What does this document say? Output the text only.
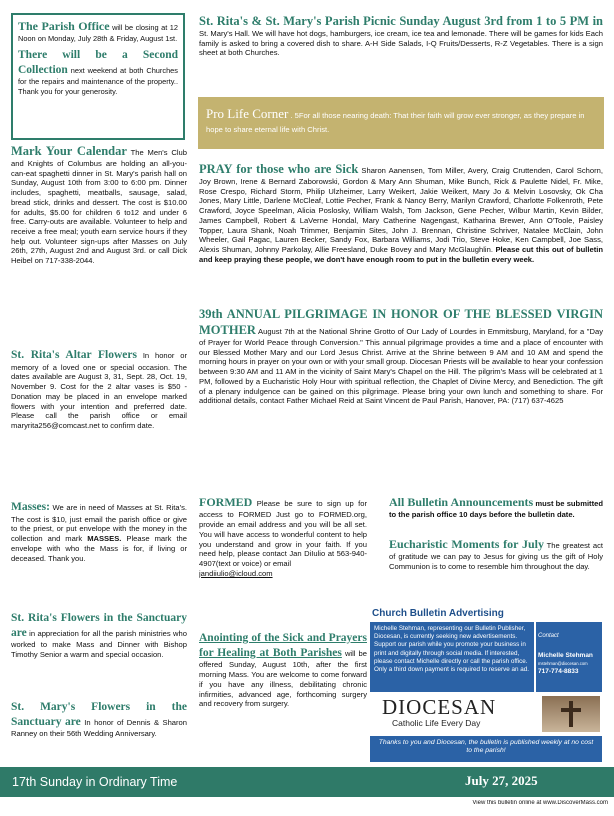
The Parish Office will be closing at 12 Noon on Monday, July 28th & Friday, August 1st.

There will be a Second Collection next weekend at both Churches for the repairs and maintenance of the property.. Thank you for your generosity.

Mark Your Calendar The Men's Club and Knights of Columbus are holding an all-you-can-eat spaghetti dinner in St. Mary's parish hall on Sunday, August 10th from 3:00 to 6:00 pm. Dinner includes, spaghetti, meatballs, sausage, salad, bread stick, drinks and dessert. The cost is $10.00 for adults, $5.00 for children 6 to12 and under 6 free. Carry-outs are available. Volunteer to help and receive a free meal; youth earn service hours if they help out. Volunteer sign-ups after Masses on July 26th, 27th, August 2nd and August 3rd. or call Dick Heibel on 717-338-2044.

St. Rita's Altar Flowers In honor or memory of a loved one or special occasion. The dates available are August 3, 31, Sept. 28, Oct. 19, November 9. Cost for the 2 altar vases is $50 - Donation may be placed in an envelope marked flowers with your intention and preferred date. Please call the parish office or email maryrita256@comcast.net to confirm date.

Masses: We are in need of Masses at St. Rita's. The cost is $10, just email the parish office or give to the priest, or put envelope with the money in the collection and mark MASSES. Please mark the envelope with who the Mass is for, if living or deceased. Thank you.

St. Rita's Flowers in the Sanctuary are in appreciation for all the parish ministries who worked to make Mass and Dinner with Bishop Timothy Senior a warm and special occasion.

St. Mary's Flowers in the Sanctuary are In honor of Dennis & Sharon Ranney on their 56th Wedding Anniversary.

St. Rita's & St. Mary's Parish Picnic Sunday August 3rd from 1 to 5 PM in St. Mary's Hall. We will have hot dogs, hamburgers, ice cream, ice tea and lemonade. There will be games for kids Each family is asked to bring a covered dish to share. A-H Side Salads, I-Q Fruits/Desserts, R-Z Vegetables. There is a sign sheet at both Churches.

Pro Life Corner . 5For all those nearing death: That their faith will grow ever stronger, as they prepare in hope to share eternal life with Christ.

PRAY for those who are Sick Sharon Aanensen, Tom Miller, Avery, Craig Cruttenden, Carol Schorn, Joy Brown, Irene & Bernard Zaborowski, Gordon & Mary Ann Shuman, Mike Bunch, Rick & Paulette Nidel, Fr. Mike, Rose Crespo, Richard Storm, Philip Ulzheimer, Larry Weikert, Jakie Weikert, Mary Jo & Melvin Losovsky, Ok Cha Jones, Mary Little, Darlene McCleaf, Lottie Pecher, Frank & Nancy Berry, Marilyn Crawford, Charlotte Folkenroth, Pete Crawford, Joyce Speelman, Alicia Poslosky, William Walsh, Tom Jackson, Gene Pecher, Wilbur Martin, Kevin Bilder, James Campbell, Robert & LaVerne Hondal, Mary Catherine Nagengast, Katharina Brewer, Ann O'Toole, Paisley Topper, Laura Shank, Noah Trimmer, Benjamin Sites, John J. Brennan, Christine Schriver, Natalee McClain, John Wheeler, Gail Pagac, Lauren Becker, Sandy Fox, Barbara Williams, Jodi Trio, Steve Hoke, Ken Campbell, Joe Sass, Alexis Shuman, Johnny Parkolay, Allie Freesland, Duke Bovey and Mary McGlaughlin. Please cut this out of bulletin and keep praying these people, we don't have enough room to put in the bulletin every week.

39th ANNUAL PILGRIMAGE IN HONOR OF THE BLESSED VIRGIN MOTHER August 7th at the National Shrine Grotto of Our Lady of Lourdes in Emmitsburg, Maryland, for a "Day of Prayer for World Peace through Conversion." This annual pilgrimage provides a time and a place of encounter with our Blessed Mother Mary and our Lord Jesus Christ. Arrive at the Shrine between 9 AM and 10 AM and spend the morning hours in prayer on your own or with your small group. Diocesan Priests will be available to hear your confession between 9:30 AM and 11 AM in the vicinity of Saint Mary's Chapel on the Hill. The pilgrim's Mass will be celebrated at 1 PM, followed by a Eucharistic Holy Hour with spiritual reflection, the Chaplet of Divine Mercy, and Benediction. The gift of a plenary indulgence can be gained on this pilgrimage. Please bring your own lunch and something to share. For additional details, contact Father Michael Reid at Saint Vincent de Paul Parish, Hanover, PA: (717) 637-4625

FORMED Please be sure to sign up for access to FORMED Just go to FORMED.org, provide an email address and you will be all set. You will have access to wonderful content to help you understand and grow in your faith. If you need help, please contact Jan DiIulio at 563-940-4907(text or voice) or email

jandiiulio@icloud.com

Anointing of the Sick and Prayers for Healing at Both Parishes will be offered Sunday, August 10th, after the first morning Mass. You are welcome to come forward if you have any illness, debilitating chronic infirmities, advanced age, forthcoming surgery and recovery from surgery.

All Bulletin Announcements must be submitted to the parish office 10 days before the bulletin date.

Eucharistic Moments for July The greatest act of gratitude we can pay to Jesus for giving us the gift of Holy Communion is to come to resemble him throughout the day.

Church Bulletin Advertising

Michelle Stehman, representing our Bulletin Publisher, Diocesan, is currently seeking new advertisements. Support our parish while you promote your business in print and digitally through social media. If interested, please contact Michelle directly or call the parish office. Only a third down payment is required to reserve an ad.

Contact
Michelle Stehman
mstehman@diocesan.com
717-774-8833
DIOCESAN
Catholic Life Every Day

Thanks to you and Diocesan, the bulletin is published weekly at no cost to the parish!

17th Sunday in Ordinary Time	July 27, 2025
View this bulletin online at www.DiscoverMass.com
